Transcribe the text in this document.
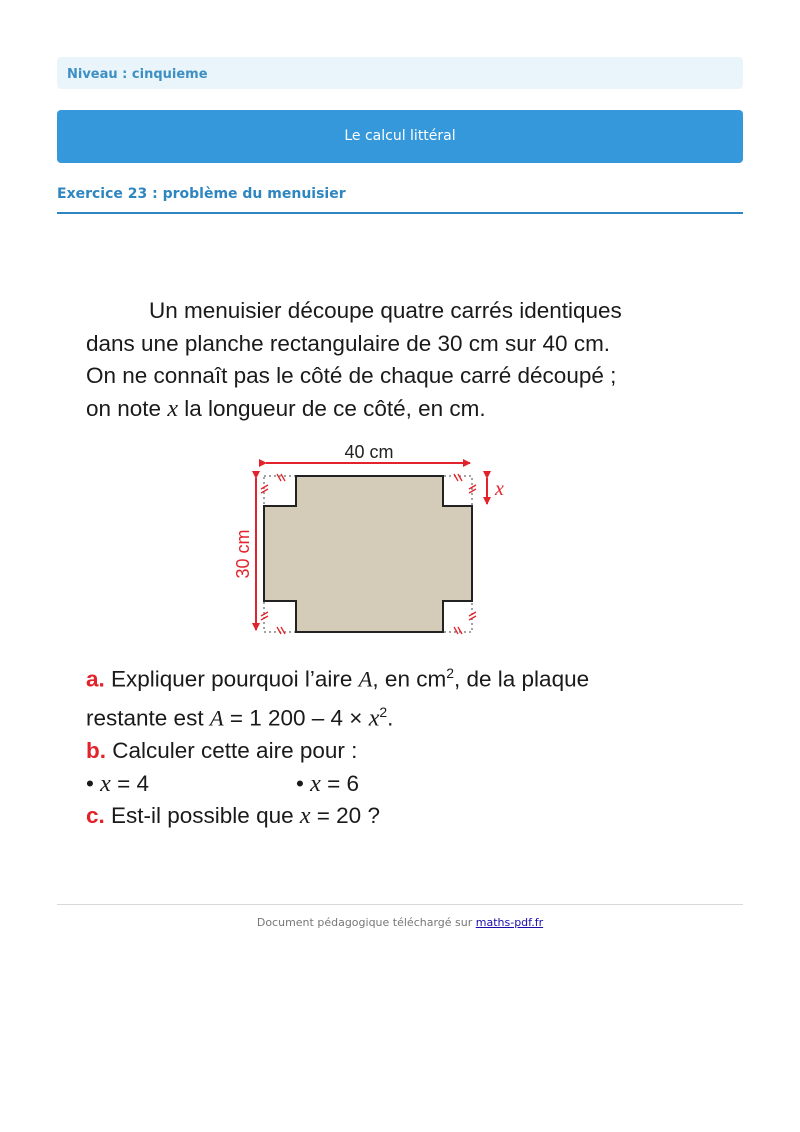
Niveau : cinquieme
Le calcul littéral
Exercice 23 : problème du menuisier
Un menuisier découpe quatre carrés identiques
dans une planche rectangulaire de 30 cm sur 40 cm.
On ne connaît pas le côté de chaque carré découpé ;
on note x la longueur de ce côté, en cm.
40 cm
30 cm
x
a. Expliquer pourquoi l’aire A, en $cm^2$, de la plaque
restante est A = 1 $200 - 4 \times x^2$.
b. Calculer cette aire pour :
• x = 4	• x = 6
c. Est-il possible que x = 20 ?
Document pédagogique téléchargé sur maths-pdf.fr
